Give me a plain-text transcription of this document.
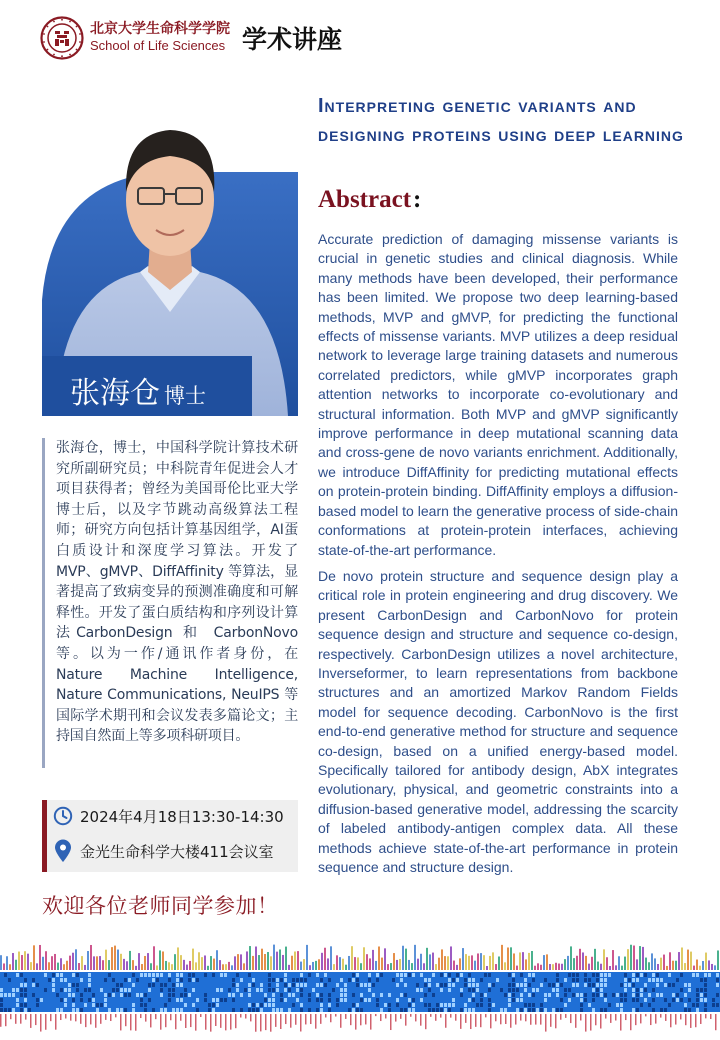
北京大学生命科学学院
School of Life Sciences 学术讲座
张海仓 博士
张海仓，博士，中国科学院计算技术研究所副研究员；中科院青年促进会人才项目获得者；曾经为美国哥伦比亚大学博士后，以及字节跳动高级算法工程师；研究方向包括计算基因组学，AI蛋白质设计和深度学习算法。开发了MVP、gMVP、DiffAffinity 等算法，显著提高了致病变异的预测准确度和可解释性。开发了蛋白质结构和序列设计算法CarbonDesign 和 CarbonNovo 等。以为一作/通讯作者身份，在Nature Machine Intelligence, Nature Communications, NeuIPS 等国际学术期刊和会议发表多篇论文；主持国自然面上等多项科研项目。
2024年4月18日13:30-14:30
金光生命科学大楼411会议室
欢迎各位老师同学参加！
Interpreting genetic variants and designing proteins using deep learning
Abstract:

Accurate prediction of damaging missense variants is crucial in genetic studies and clinical diagnosis. While many methods have been developed, their performance has been limited. We propose two deep learning-based methods, MVP and gMVP, for predicting the functional effects of missense variants. MVP utilizes a deep residual network to leverage large training datasets and numerous correlated predictors, while gMVP incorporates graph attention networks to incorporate co-evolutionary and structural information. Both MVP and gMVP significantly improve performance in deep mutational scanning data and cross-gene de novo variants enrichment. Additionally, we introduce DiffAffinity for predicting mutational effects on protein-protein binding. DiffAffinity employs a diffusion-based model to learn the generative process of side-chain conformations at protein-protein interfaces, achieving state-of-the-art performance.

De novo protein structure and sequence design play a critical role in protein engineering and drug discovery. We present CarbonDesign and CarbonNovo for protein sequence design and structure and sequence co-design, respectively. CarbonDesign utilizes a novel architecture, Inverseformer, to learn representations from backbone structures and an amortized Markov Random Fields model for sequence decoding. CarbonNovo is the first end-to-end generative method for structure and sequence co-design, based on a unified energy-based model. Specifically tailored for antibody design, AbX integrates evolutionary, physical, and geometric constraints into a diffusion-based generative model, addressing the scarcity of labeled antibody-antigen complex data. All these methods achieve state-of-the-art performance in protein sequence and structure design.
